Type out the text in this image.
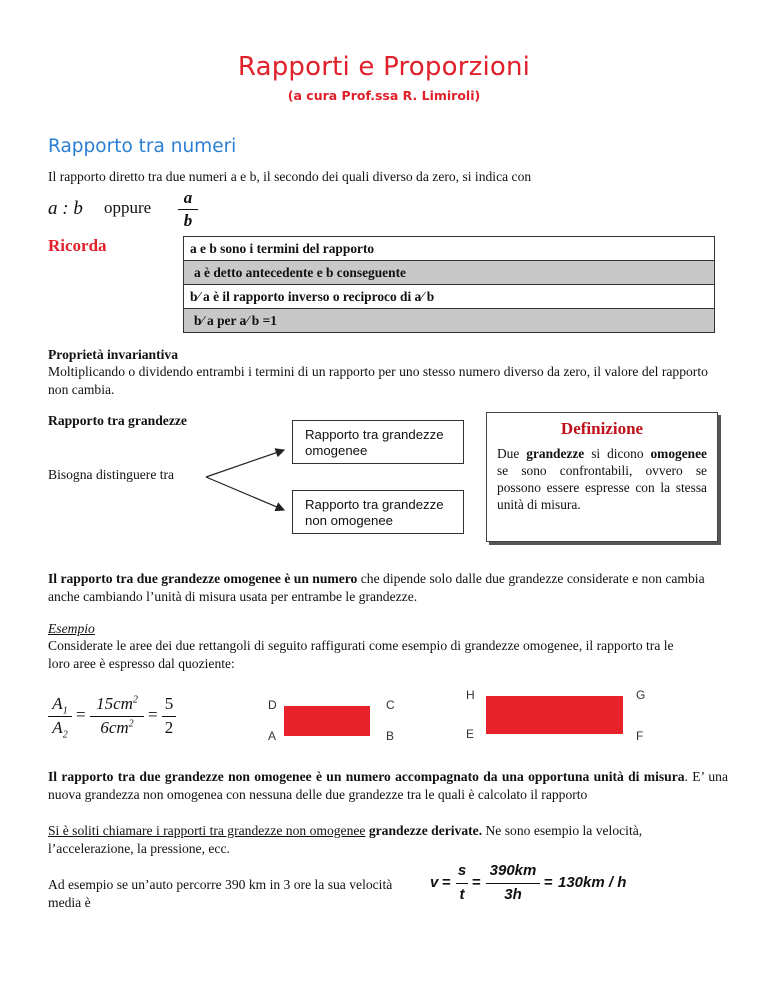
Rapporti e Proporzioni
(a cura Prof.ssa R. Limiroli)
Rapporto tra numeri
Il rapporto diretto tra due numeri a e b, il secondo dei quali diverso da zero, si indica con
a : b oppure
a
b
Ricorda	a e b sono i termini del rapporto
a è detto antecedente e b conseguente
b⁄ a è il rapporto inverso o reciproco di a⁄ b
b⁄ a per a⁄ b =1
Proprietà invariantiva
Moltiplicando o dividendo entrambi i termini di un rapporto per uno stesso numero diverso da zero, il valore del rapporto non cambia.
Rapporto tra grandezze
Bisogna distinguere tra
Rapporto tra grandezze omogenee
Rapporto tra grandezze non omogenee
Definizione
Due grandezze si dicono omogenee se sono confrontabili, ovvero se possono essere espresse con la stessa unità di misura.
Il rapporto tra due grandezze omogenee è un numero che dipende solo dalle due grandezze considerate e non cambia anche cambiando l’unità di misura usata per entrambe le grandezze.
Esempio
Considerate le aree dei due rettangoli di seguito raffigurati come esempio di grandezze omogenee, il rapporto tra le loro aree è espresso dal quoziente:
$A_1$
$A_2$
=
$15cm^2$
$6cm^2$ =
5
2
D	C
A	B
H	G
E	F
Il rapporto tra due grandezze non omogenee è un numero accompagnato da una opportuna unità di misura. E’ una nuova grandezza non omogenea con nessuna delle due grandezze tra le quali è calcolato il rapporto
Si è soliti chiamare i rapporti tra grandezze non omogenee grandezze derivate. Ne sono esempio la velocità, l’accelerazione, la pressione, ecc.
Ad esempio se un’auto percorre 390 km in 3 ore la sua velocità media è
v =
s
t
=
390km
3h
= 130km / h
